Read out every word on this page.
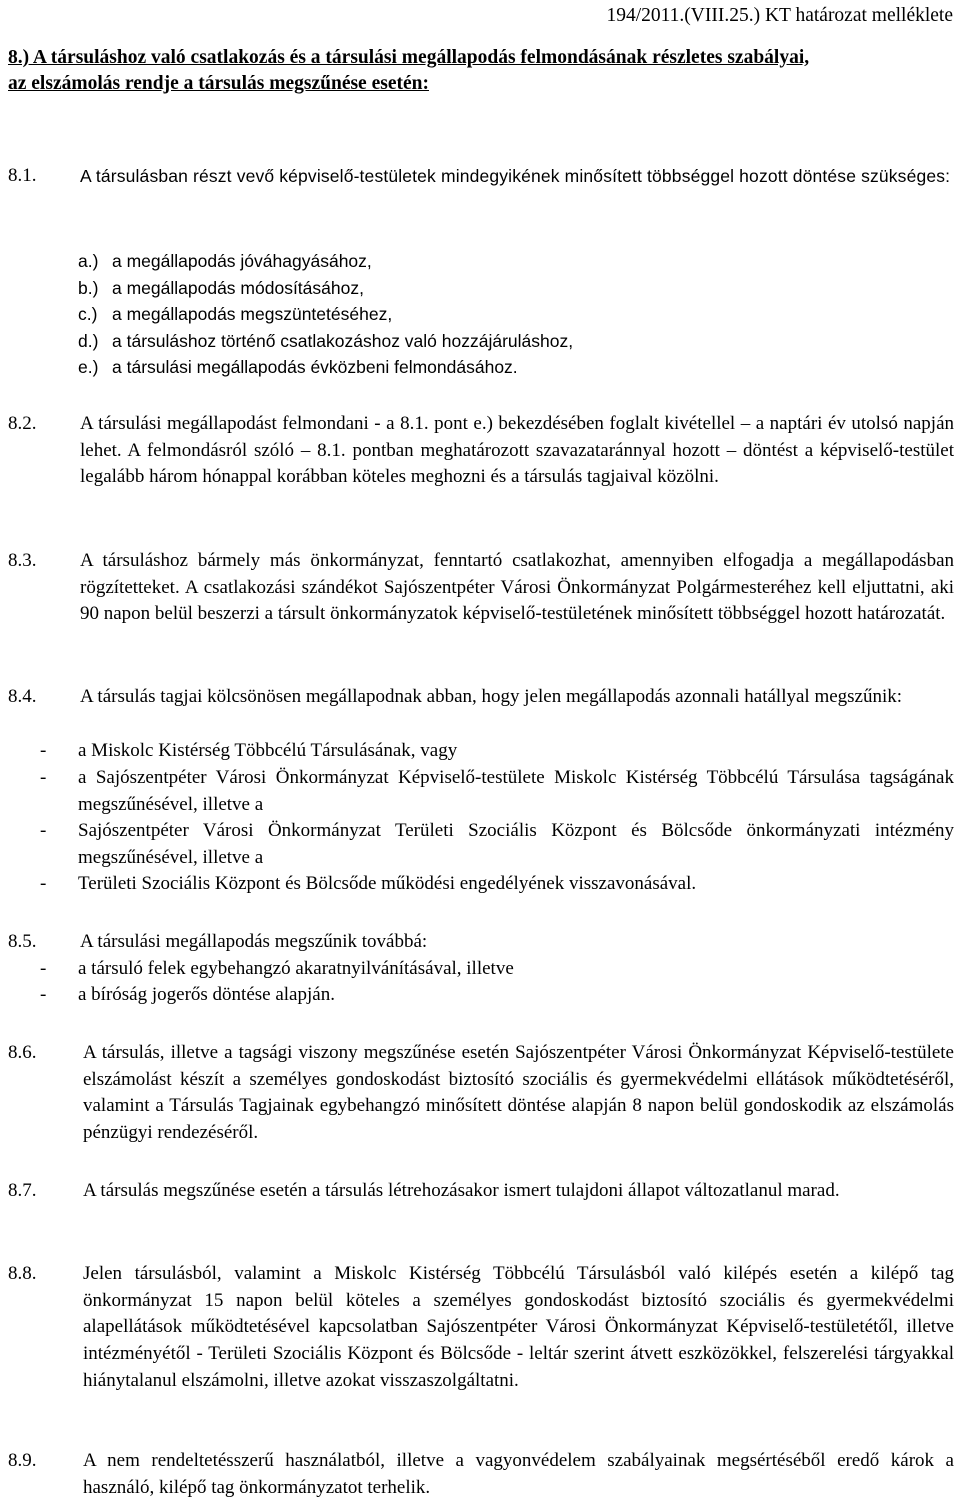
194/2011.(VIII.25.) KT határozat melléklete
8.) A társuláshoz való csatlakozás és a társulási megállapodás felmondásának részletes szabályai,
az elszámolás rendje a társulás megszűnése esetén:
8.1.	A társulásban részt vevő képviselő-testületek mindegyikének minősített többséggel hozott döntése szükséges:
a.) a megállapodás jóváhagyásához,
b.) a megállapodás módosításához,
c.) a megállapodás megszüntetéséhez,
d.) a társuláshoz történő csatlakozáshoz való hozzájáruláshoz,
e.) a társulási megállapodás évközbeni felmondásához.
8.2.	A társulási megállapodást felmondani - a 8.1. pont e.) bekezdésében foglalt kivétellel – a naptári év utolsó napján lehet. A felmondásról szóló – 8.1. pontban meghatározott szavazataránnyal hozott – döntést a képviselő-testület legalább három hónappal korábban köteles meghozni és a társulás tagjaival közölni.
8.3.	A társuláshoz bármely más önkormányzat, fenntartó csatlakozhat, amennyiben elfogadja a megállapodásban rögzítetteket. A csatlakozási szándékot Sajószentpéter Városi Önkormányzat Polgármesteréhez kell eljuttatni, aki 90 napon belül beszerzi a társult önkormányzatok képviselő-testületének minősített többséggel hozott határozatát.
8.4.	A társulás tagjai kölcsönösen megállapodnak abban, hogy jelen megállapodás azonnali hatállyal megszűnik:
- a Miskolc Kistérség Többcélú Társulásának, vagy
- a Sajószentpéter Városi Önkormányzat Képviselő-testülete Miskolc Kistérség Többcélú Társulása tagságának megszűnésével, illetve a
- Sajószentpéter Városi Önkormányzat Területi Szociális Központ és Bölcsőde önkormányzati intézmény megszűnésével, illetve a
- Területi Szociális Központ és Bölcsőde működési engedélyének visszavonásával.
8.5.	A társulási megállapodás megszűnik továbbá:
- a társuló felek egybehangzó akaratnyilvánításával, illetve
- a bíróság jogerős döntése alapján.
8.6.	A társulás, illetve a tagsági viszony megszűnése esetén Sajószentpéter Városi Önkormányzat Képviselő-testülete elszámolást készít a személyes gondoskodást biztosító szociális és gyermekvédelmi ellátások működtetéséről, valamint a Társulás Tagjainak egybehangzó minősített döntése alapján 8 napon belül gondoskodik az elszámolás pénzügyi rendezéséről.
8.7.	A társulás megszűnése esetén a társulás létrehozásakor ismert tulajdoni állapot változatlanul marad.
8.8.	Jelen társulásból, valamint a Miskolc Kistérség Többcélú Társulásból való kilépés esetén a kilépő tag önkormányzat 15 napon belül köteles a személyes gondoskodást biztosító szociális és gyermekvédelmi alapellátások működtetésével kapcsolatban Sajószentpéter Városi Önkormányzat Képviselő-testületétől, illetve intézményétől - Területi Szociális Központ és Bölcsőde - leltár szerint átvett eszközökkel, felszerelési tárgyakkal hiánytalanul elszámolni, illetve azokat visszaszolgáltatni.
8.9.	A nem rendeltetésszerű használatból, illetve a vagyonvédelem szabályainak megsértéséből eredő károk a használó, kilépő tag önkormányzatot terhelik.
